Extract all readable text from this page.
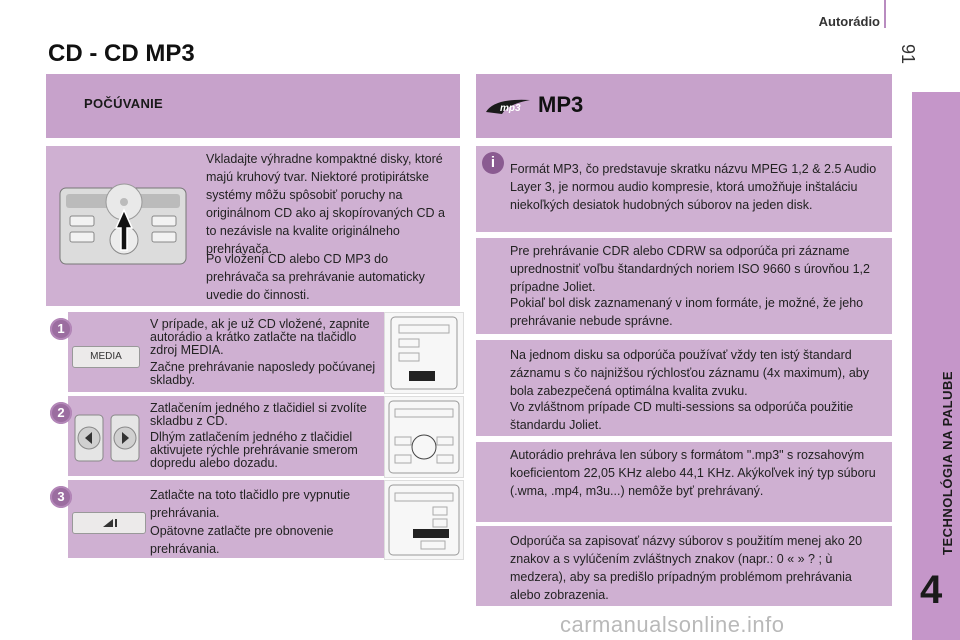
Autorádio
91
CD - CD MP3
TECHNOLÓGIA NA PALUBE
4
POČÚVANIE	mp3 MP3
Vkladajte výhradne kompaktné disky, ktoré majú kruhový tvar. Niektoré protipirátske systémy môžu spôsobiť poruchy na originálnom CD ako aj skopírovaných CD a to nezávisle na kvalite originálneho prehrávača.
Po vložení CD alebo CD MP3 do prehrávača sa prehrávanie automaticky uvedie do činnosti.
1
MEDIA
V prípade, ak je už CD vložené, zapnite autorádio a krátko zatlačte na tlačidlo zdroj MEDIA.
Začne prehrávanie naposledy počúvanej skladby.
2	Zatlačením jedného z tlačidiel si zvolíte skladbu z CD.
Dlhým zatlačením jedného z tlačidiel aktivujete rýchle prehrávanie smerom dopredu alebo dozadu.
3	Zatlačte na toto tlačidlo pre vypnutie prehrávania.
Opätovne zatlačte pre obnovenie prehrávania.
i	Formát MP3, čo predstavuje skratku názvu MPEG 1,2 & 2.5 Audio Layer 3, je normou audio kompresie, ktorá umožňuje inštaláciu niekoľkých desiatok hudobných súborov na jeden disk.
Pre prehrávanie CDR alebo CDRW sa odporúča pri zázname uprednostniť voľbu štandardných noriem ISO 9660 s úrovňou 1,2 prípadne Joliet.
Pokiaľ bol disk zaznamenaný v inom formáte, je možné, že jeho prehrávanie nebude správne.
Na jednom disku sa odporúča používať vždy ten istý štandard záznamu s čo najnižšou rýchlosťou záznamu (4x maximum), aby bola zabezpečená optimálna kvalita zvuku.
Vo zvláštnom prípade CD multi-sessions sa odporúča použitie štandardu Joliet.
Autorádio prehráva len súbory s formátom ".mp3" s rozsahovým koeficientom 22,05 KHz alebo 44,1 KHz. Akýkoľvek iný typ súboru (.wma, .mp4, m3u...) nemôže byť prehrávaný.
Odporúča sa zapisovať názvy súborov s použitím menej ako 20 znakov a s vylúčením zvláštnych znakov (napr.: 0 « » ? ; ù medzera), aby sa predišlo prípadným problémom prehrávania alebo zobrazenia.
carmanualsonline.info
